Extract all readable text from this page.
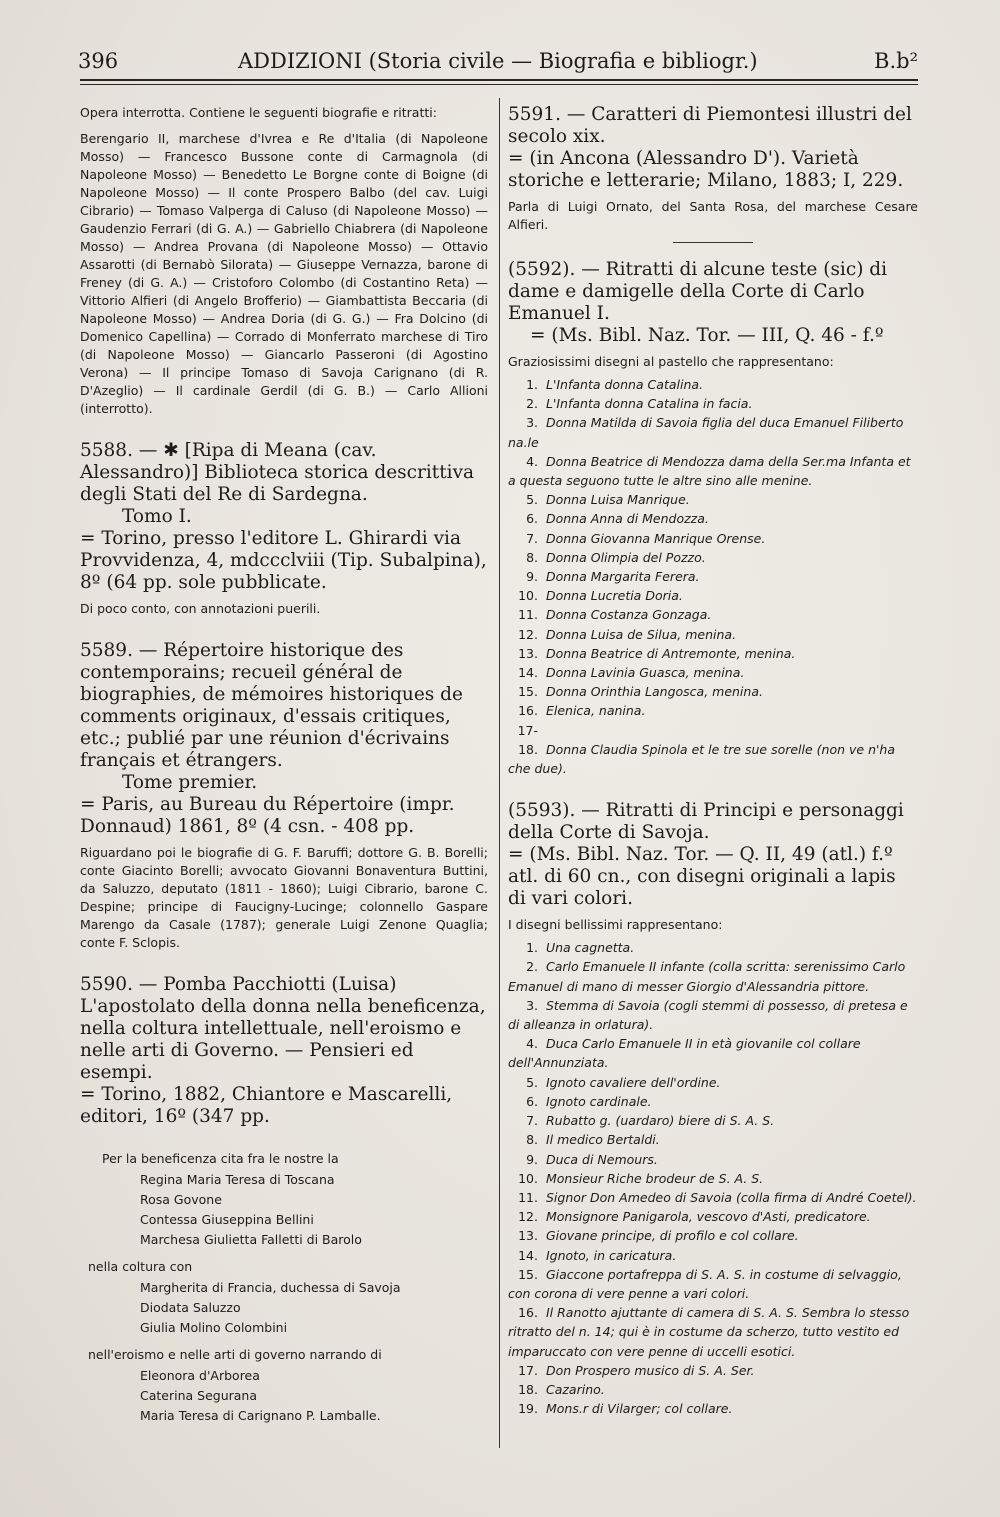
396	ADDIZIONI (Storia civile — Biografia e bibliogr.)	B.b²

Opera interrotta. Contiene le seguenti biografie e ritratti:

Berengario II, marchese d'Ivrea e Re d'Italia (di Napoleone Mosso) — Francesco Bussone conte di Carmagnola (di Napoleone Mosso) — Benedetto Le Borgne conte di Boigne (di Napoleone Mosso) — Il conte Prospero Balbo (del cav. Luigi Cibrario) — Tomaso Valperga di Caluso (di Napoleone Mosso) — Gaudenzio Ferrari (di G. A.) — Gabriello Chiabrera (di Napoleone Mosso) — Andrea Provana (di Napoleone Mosso) — Ottavio Assarotti (di Bernabò Silorata) — Giuseppe Vernazza, barone di Freney (di G. A.) — Cristoforo Colombo (di Costantino Reta) — Vittorio Alfieri (di Angelo Brofferio) — Giambattista Beccaria (di Napoleone Mosso) — Andrea Doria (di G. G.) — Fra Dolcino (di Domenico Capellina) — Corrado di Monferrato marchese di Tiro (di Napoleone Mosso) — Giancarlo Passeroni (di Agostino Verona) — Il principe Tomaso di Savoja Carignano (di R. D'Azeglio) — Il cardinale Gerdil (di G. B.) — Carlo Allioni (interrotto).

5588. — ✱ [Ripa di Meana (cav. Alessandro)] Biblioteca storica descrittiva degli Stati del Re di Sardegna.

Tomo I.

= Torino, presso l'editore L. Ghirardi via Provvidenza, 4, mdccclviii (Tip. Subalpina), 8º (64 pp. sole pubblicate.

Di poco conto, con annotazioni puerili.

5589. — Répertoire historique des contemporains; recueil général de biographies, de mémoires historiques de comments originaux, d'essais critiques, etc.; publié par une réunion d'écrivains français et étrangers.

Tome premier.

= Paris, au Bureau du Répertoire (impr. Donnaud) 1861, 8º (4 csn. - 408 pp.

Riguardano poi le biografie di G. F. Baruffi; dottore G. B. Borelli; conte Giacinto Borelli; avvocato Giovanni Bonaventura Buttini, da Saluzzo, deputato (1811 - 1860); Luigi Cibrario, barone C. Despine; principe di Faucigny-Lucinge; colonnello Gaspare Marengo da Casale (1787); generale Luigi Zenone Quaglia; conte F. Sclopis.

5590. — Pomba Pacchiotti (Luisa) L'apostolato della donna nella beneficenza, nella coltura intellettuale, nell'eroismo e nelle arti di Governo. — Pensieri ed esempi.

= Torino, 1882, Chiantore e Mascarelli, editori, 16º (347 pp.

Per la beneficenza cita fra le nostre la

Regina Maria Teresa di Toscana
Rosa Govone
Contessa Giuseppina Bellini
Marchesa Giulietta Falletti di Barolo

nella coltura con

Margherita di Francia, duchessa di Savoja
Diodata Saluzzo
Giulia Molino Colombini

nell'eroismo e nelle arti di governo narrando di

Eleonora d'Arborea
Caterina Segurana
Maria Teresa di Carignano P. Lamballe.

5591. — Caratteri di Piemontesi illustri del secolo xix.

= (in Ancona (Alessandro D'). Varietà storiche e letterarie; Milano, 1883; I, 229.

Parla di Luigi Ornato, del Santa Rosa, del marchese Cesare Alfieri.

(5592). — Ritratti di alcune teste (sic) di dame e damigelle della Corte di Carlo Emanuel I.

= (Ms. Bibl. Naz. Tor. — III, Q. 46 - f.º

Graziosissimi disegni al pastello che rappresentano:

1. L'Infanta donna Catalina.
2. L'Infanta donna Catalina in facia.
3. Donna Matilda di Savoia figlia del duca Emanuel Filiberto na.le
4. Donna Beatrice di Mendozza dama della Ser.ma Infanta et a questa seguono tutte le altre sino alle menine.
5. Donna Luisa Manrique.
6. Donna Anna di Mendozza.
7. Donna Giovanna Manrique Orense.
8. Donna Olimpia del Pozzo.
9. Donna Margarita Ferera.
10. Donna Lucretia Doria.
11. Donna Costanza Gonzaga.
12. Donna Luisa de Silua, menina.
13. Donna Beatrice di Antremonte, menina.
14. Donna Lavinia Guasca, menina.
15. Donna Orinthia Langosca, menina.
16. Elenica, nanina.
17-18. Donna Claudia Spinola et le tre sue sorelle (non ve n'ha che due).

(5593). — Ritratti di Principi e personaggi della Corte di Savoja.

= (Ms. Bibl. Naz. Tor. — Q. II, 49 (atl.) f.º atl. di 60 cn., con disegni originali a lapis di vari colori.

I disegni bellissimi rappresentano:

1. Una cagnetta.
2. Carlo Emanuele II infante (colla scritta: serenissimo Carlo Emanuel di mano di messer Giorgio d'Alessandria pittore.
3. Stemma di Savoia (cogli stemmi di possesso, di pretesa e di alleanza in orlatura).
4. Duca Carlo Emanuele II in età giovanile col collare dell'Annunziata.
5. Ignoto cavaliere dell'ordine.
6. Ignoto cardinale.
7. Rubatto g. (uardaro) biere di S. A. S.
8. Il medico Bertaldi.
9. Duca di Nemours.
10. Monsieur Riche brodeur de S. A. S.
11. Signor Don Amedeo di Savoia (colla firma di André Coetel).
12. Monsignore Panigarola, vescovo d'Asti, predicatore.
13. Giovane principe, di profilo e col collare.
14. Ignoto, in caricatura.
15. Giaccone portafreppa di S. A. S. in costume di selvaggio, con corona di vere penne a vari colori.
16. Il Ranotto ajuttante di camera di S. A. S. Sembra lo stesso ritratto del n. 14; qui è in costume da scherzo, tutto vestito ed imparuccato con vere penne di uccelli esotici.
17. Don Prospero musico di S. A. Ser.
18. Cazarino.
19. Mons.r di Vilarger; col collare.
